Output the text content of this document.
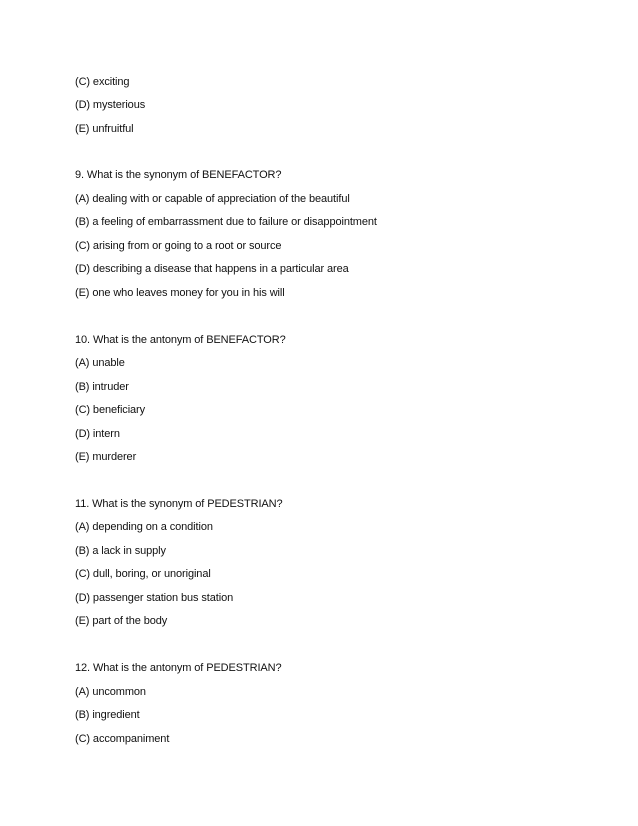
(C) exciting
(D) mysterious
(E) unfruitful
9. What is the synonym of BENEFACTOR?
(A) dealing with or capable of appreciation of the beautiful
(B) a feeling of embarrassment due to failure or disappointment
(C) arising from or going to a root or source
(D) describing a disease that happens in a particular area
(E) one who leaves money for you in his will
10. What is the antonym of BENEFACTOR?
(A) unable
(B) intruder
(C) beneficiary
(D) intern
(E) murderer
11. What is the synonym of PEDESTRIAN?
(A) depending on a condition
(B) a lack in supply
(C) dull, boring, or unoriginal
(D) passenger station bus station
(E) part of the body
12. What is the antonym of PEDESTRIAN?
(A) uncommon
(B) ingredient
(C) accompaniment
